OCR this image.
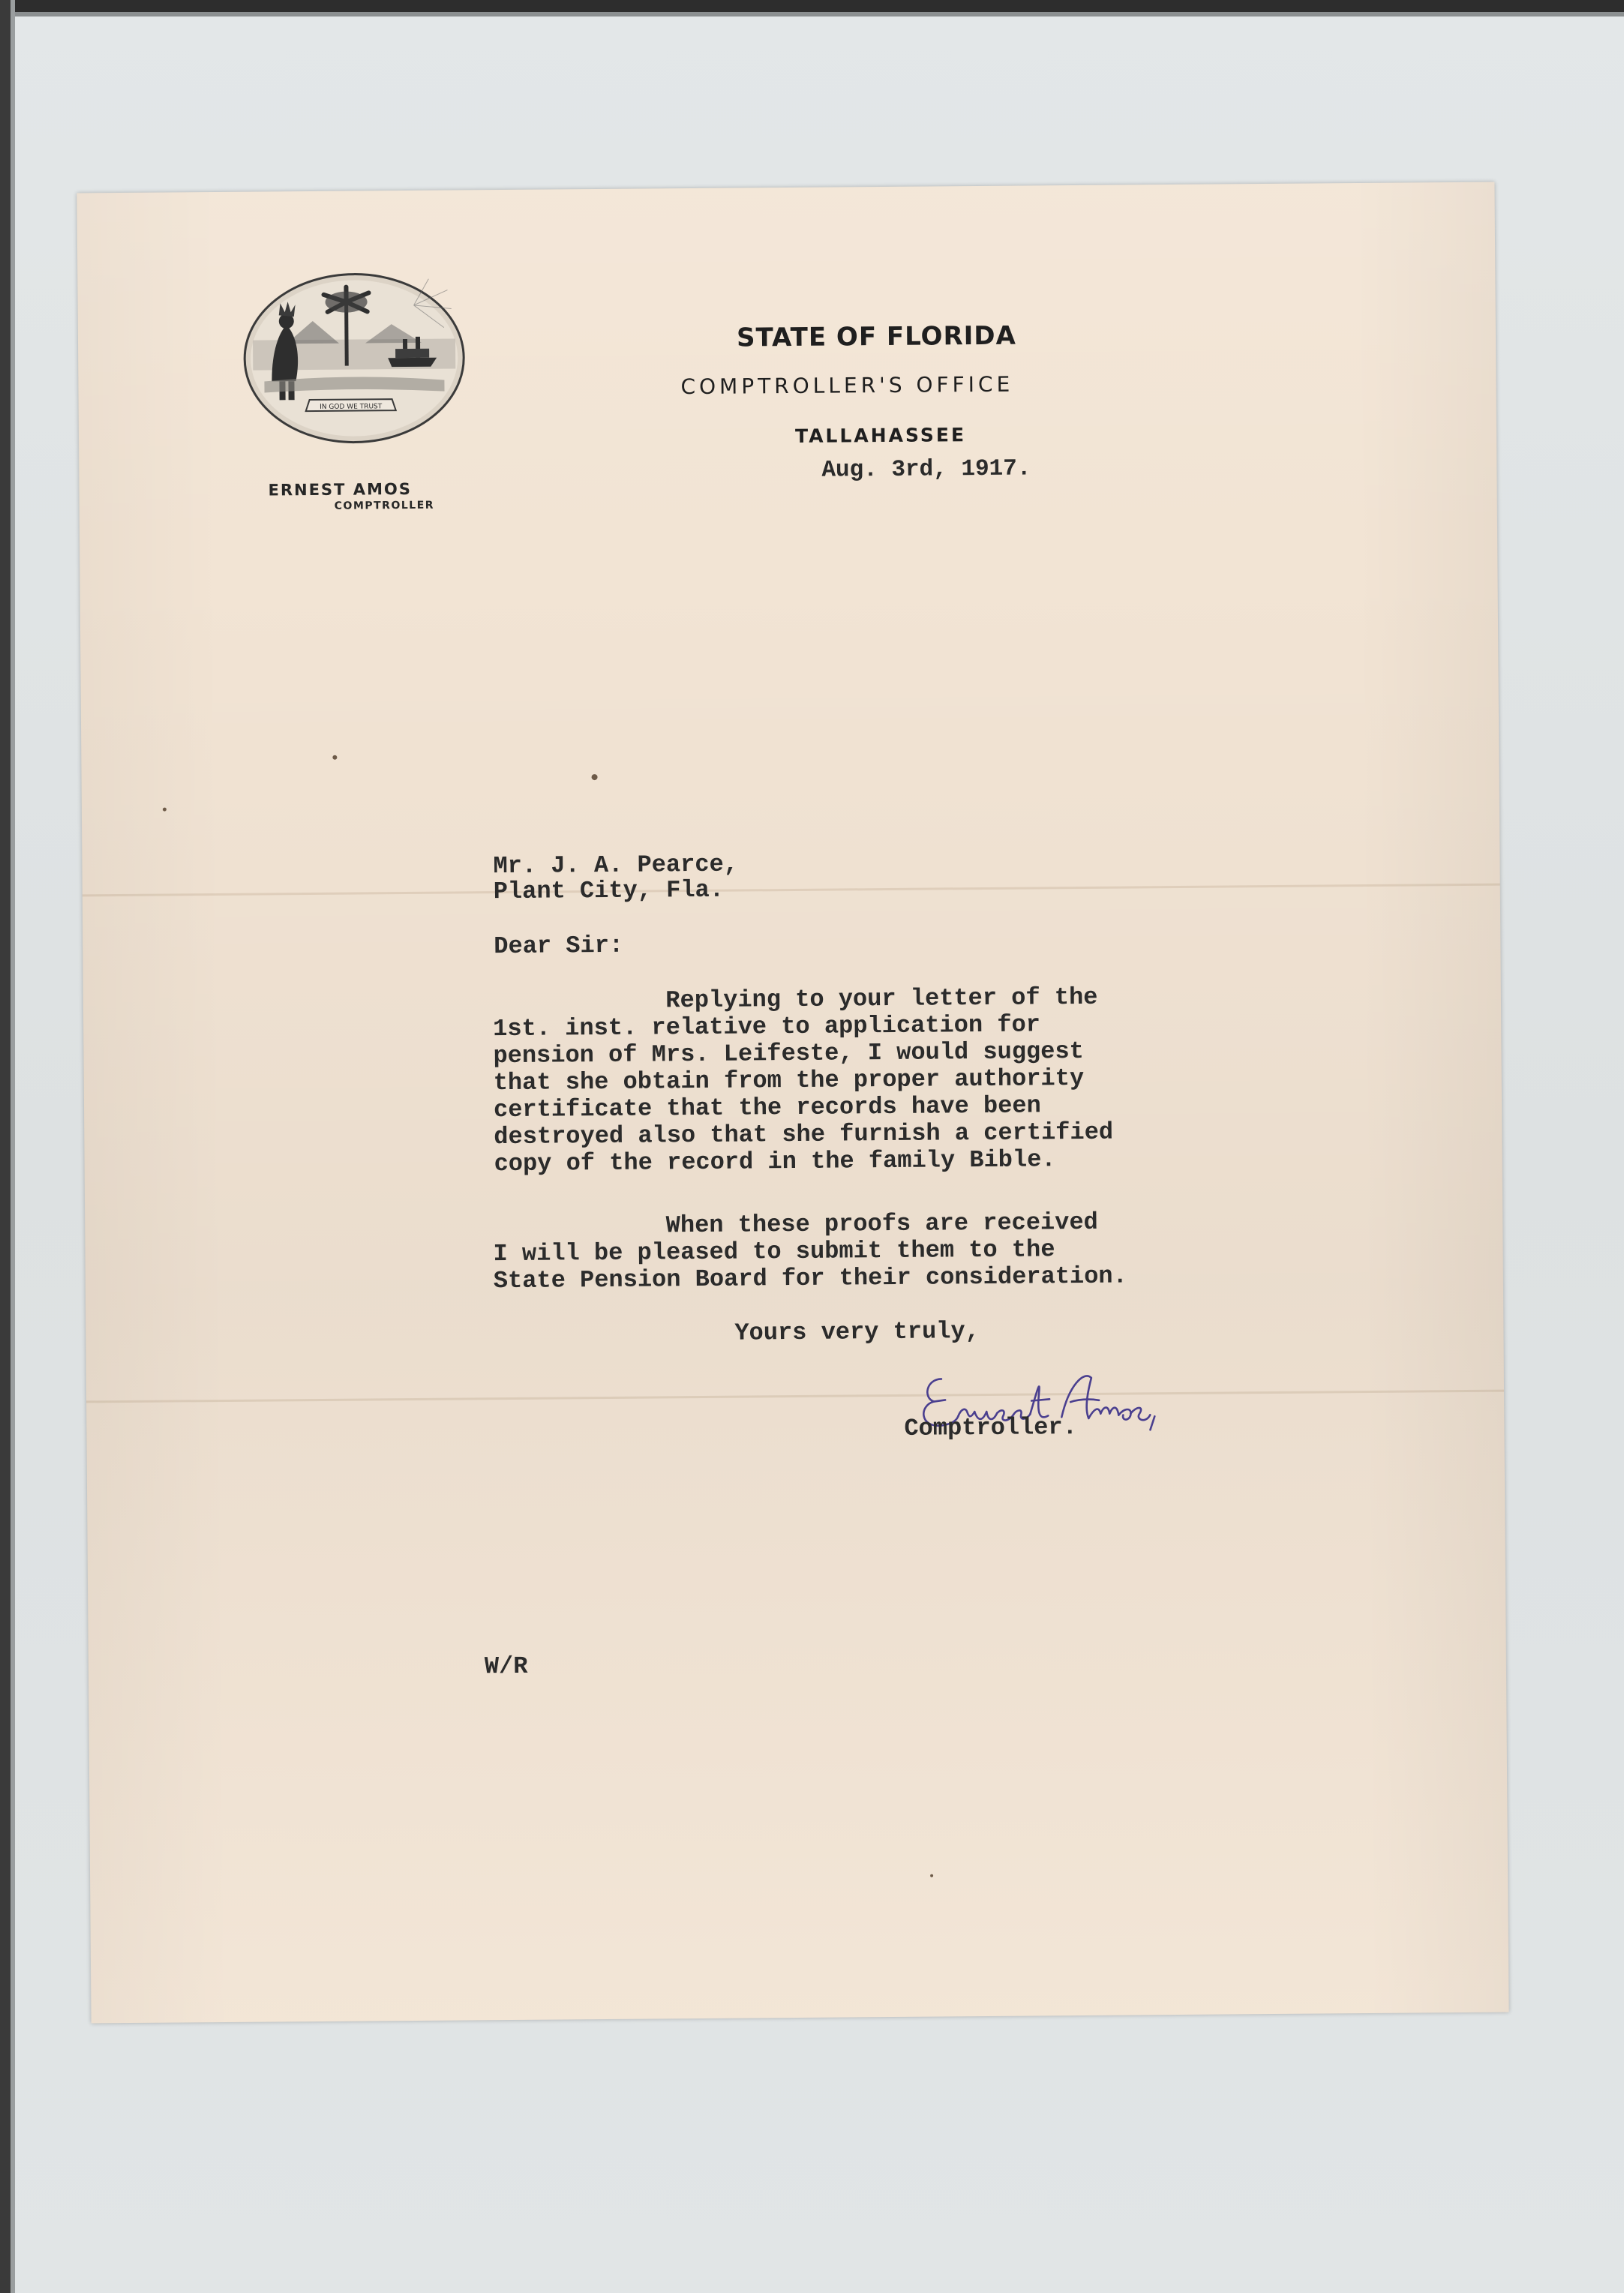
IN GOD WE TRUST
ERNEST AMOS
COMPTROLLER
STATE OF FLORIDA
COMPTROLLER'S OFFICE
TALLAHASSEE
Aug. 3rd, 1917.
Mr. J. A. Pearce,
Plant City, Fla.
Dear Sir:
Replying to your letter of the
1st. inst. relative to application for
pension of Mrs. Leifeste, I would suggest
that she obtain from the proper authority
certificate that the records have been
destroyed also that she furnish a certified
copy of the record in the family Bible.
When these proofs are received
I will be pleased to submit them to the
State Pension Board for their consideration.
Yours very truly,
Ernest Amos,
Comptroller.
W/R
